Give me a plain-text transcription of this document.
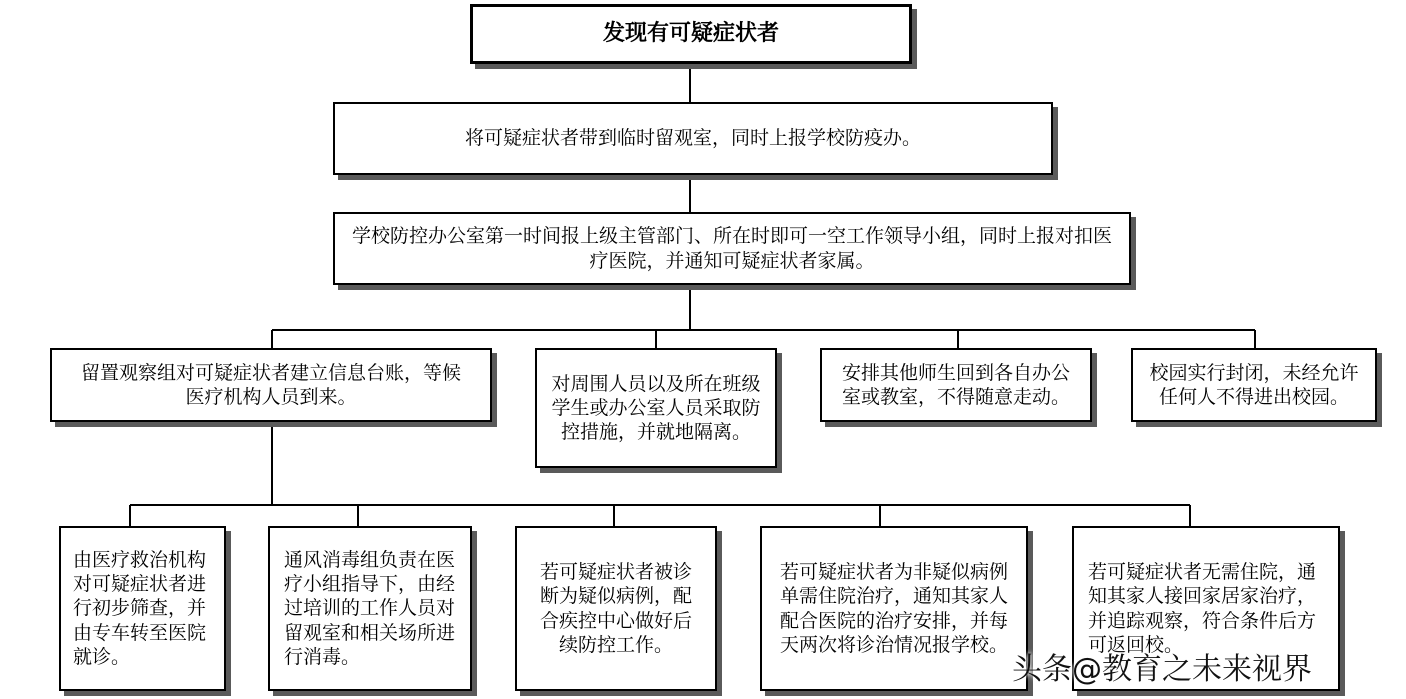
发现有可疑症状者
将可疑症状者带到临时留观室，同时上报学校防疫办。
学校防控办公室第一时间报上级主管部门、所在时即可一空工作领导小组，同时上报对扣医疗医院，并通知可疑症状者家属。
留置观察组对可疑症状者建立信息台账，等候医疗机构人员到来。
对周围人员以及所在班级学生或办公室人员采取防控措施，并就地隔离。
安排其他师生回到各自办公室或教室，不得随意走动。
校园实行封闭，未经允许任何人不得进出校园。
由医疗救治机构对可疑症状者进行初步筛查，并由专车转至医院就诊。
通风消毒组负责在医疗小组指导下，由经过培训的工作人员对留观室和相关场所进行消毒。
若可疑症状者被诊断为疑似病例，配合疾控中心做好后续防控工作。
若可疑症状者为非疑似病例单需住院治疗，通知其家人配合医院的治疗安排，并每天两次将诊治情况报学校。
若可疑症状者无需住院，通知其家人接回家居家治疗，并追踪观察，符合条件后方可返回校。
头条@教育之未来视界
